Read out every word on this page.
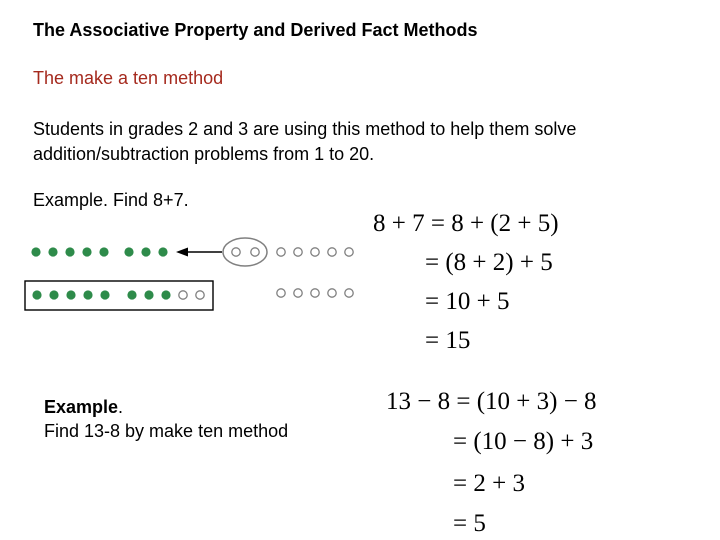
The Associative Property and Derived Fact Methods
The make a ten method
Students in grades 2 and 3 are using this method to help them solve addition/subtraction problems from 1 to 20.
Example. Find 8+7.
8 + 7 = 8 + (2 + 5)
= (8 + 2) + 5
= 10 + 5
= 15
Example.
Find 13-8 by make ten method
13 − 8 = (10 + 3) − 8
= (10 − 8) + 3
= 2 + 3
= 5
